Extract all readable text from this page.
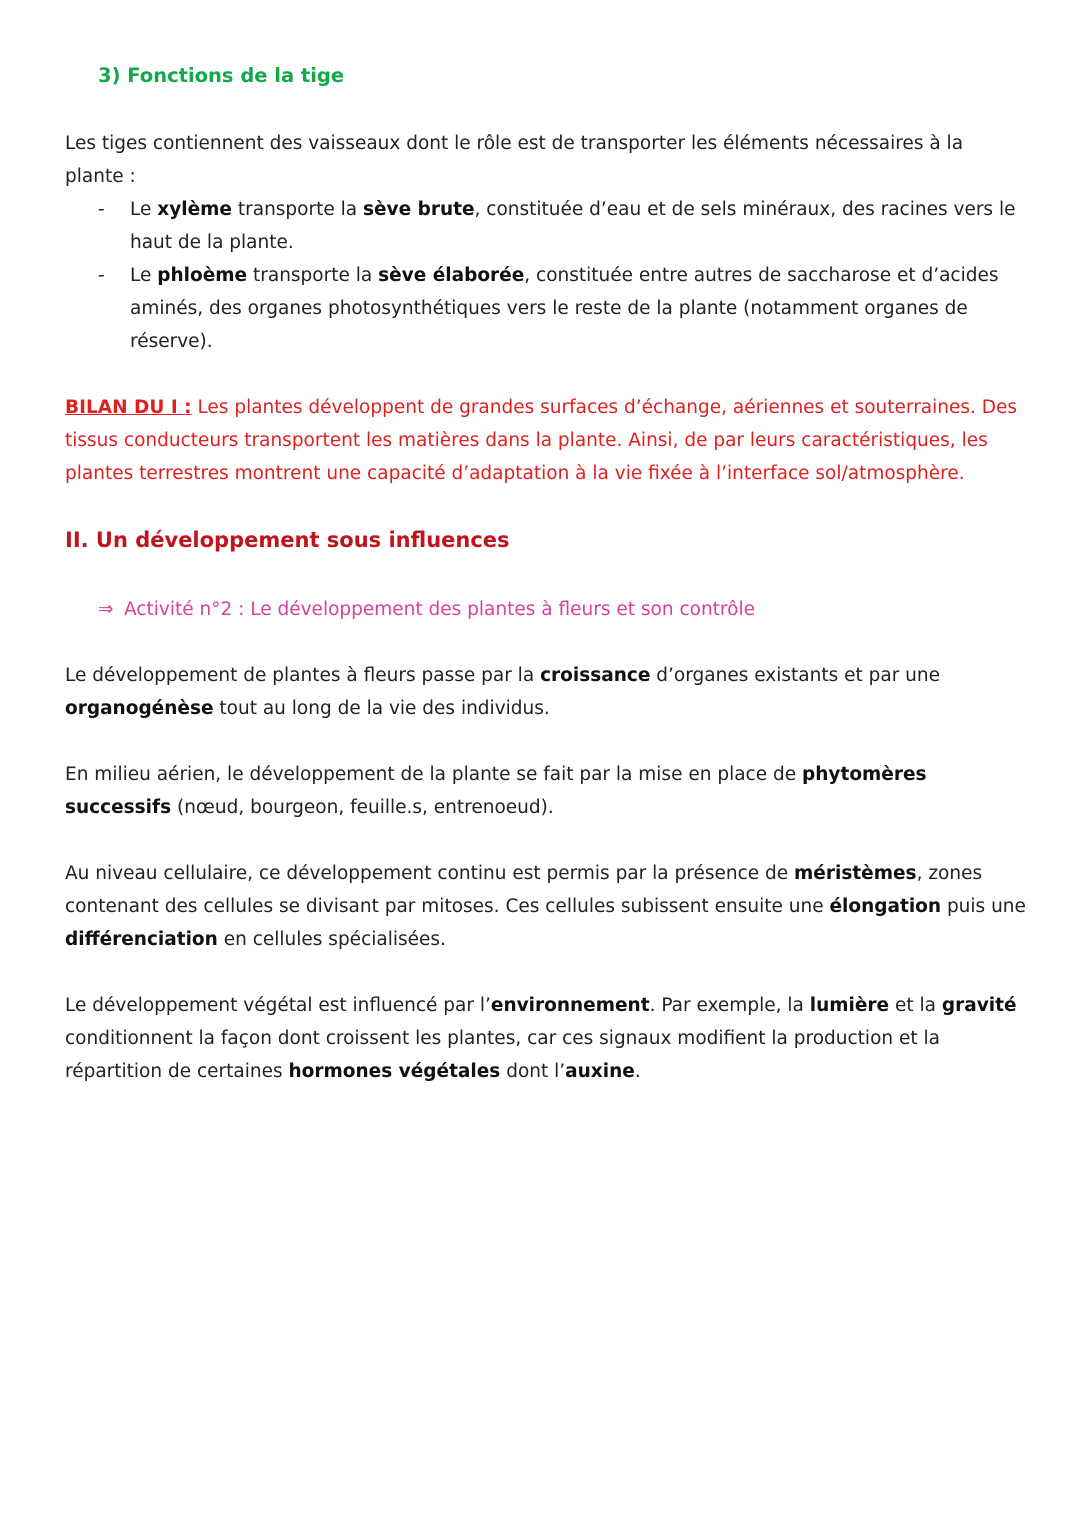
3) Fonctions de la tige
Les tiges contiennent des vaisseaux dont le rôle est de transporter les éléments nécessaires à la
plante :
- Le xylème transporte la sève brute, constituée d’eau et de sels minéraux, des racines vers le
haut de la plante.
- Le phloème transporte la sève élaborée, constituée entre autres de saccharose et d’acides
aminés, des organes photosynthétiques vers le reste de la plante (notamment organes de
réserve).
BILAN DU I : Les plantes développent de grandes surfaces d’échange, aériennes et souterraines. Des
tissus conducteurs transportent les matières dans la plante. Ainsi, de par leurs caractéristiques, les
plantes terrestres montrent une capacité d’adaptation à la vie fixée à l’interface sol/atmosphère.
II. Un développement sous influences
⇒ Activité n°2 : Le développement des plantes à fleurs et son contrôle
Le développement de plantes à fleurs passe par la croissance d’organes existants et par une
organogénèse tout au long de la vie des individus.
En milieu aérien, le développement de la plante se fait par la mise en place de phytomères
successifs (nœud, bourgeon, feuille.s, entrenoeud).
Au niveau cellulaire, ce développement continu est permis par la présence de méristèmes, zones
contenant des cellules se divisant par mitoses. Ces cellules subissent ensuite une élongation puis une
différenciation en cellules spécialisées.
Le développement végétal est influencé par l’environnement. Par exemple, la lumière et la gravité
conditionnent la façon dont croissent les plantes, car ces signaux modifient la production et la
répartition de certaines hormones végétales dont l’auxine.
